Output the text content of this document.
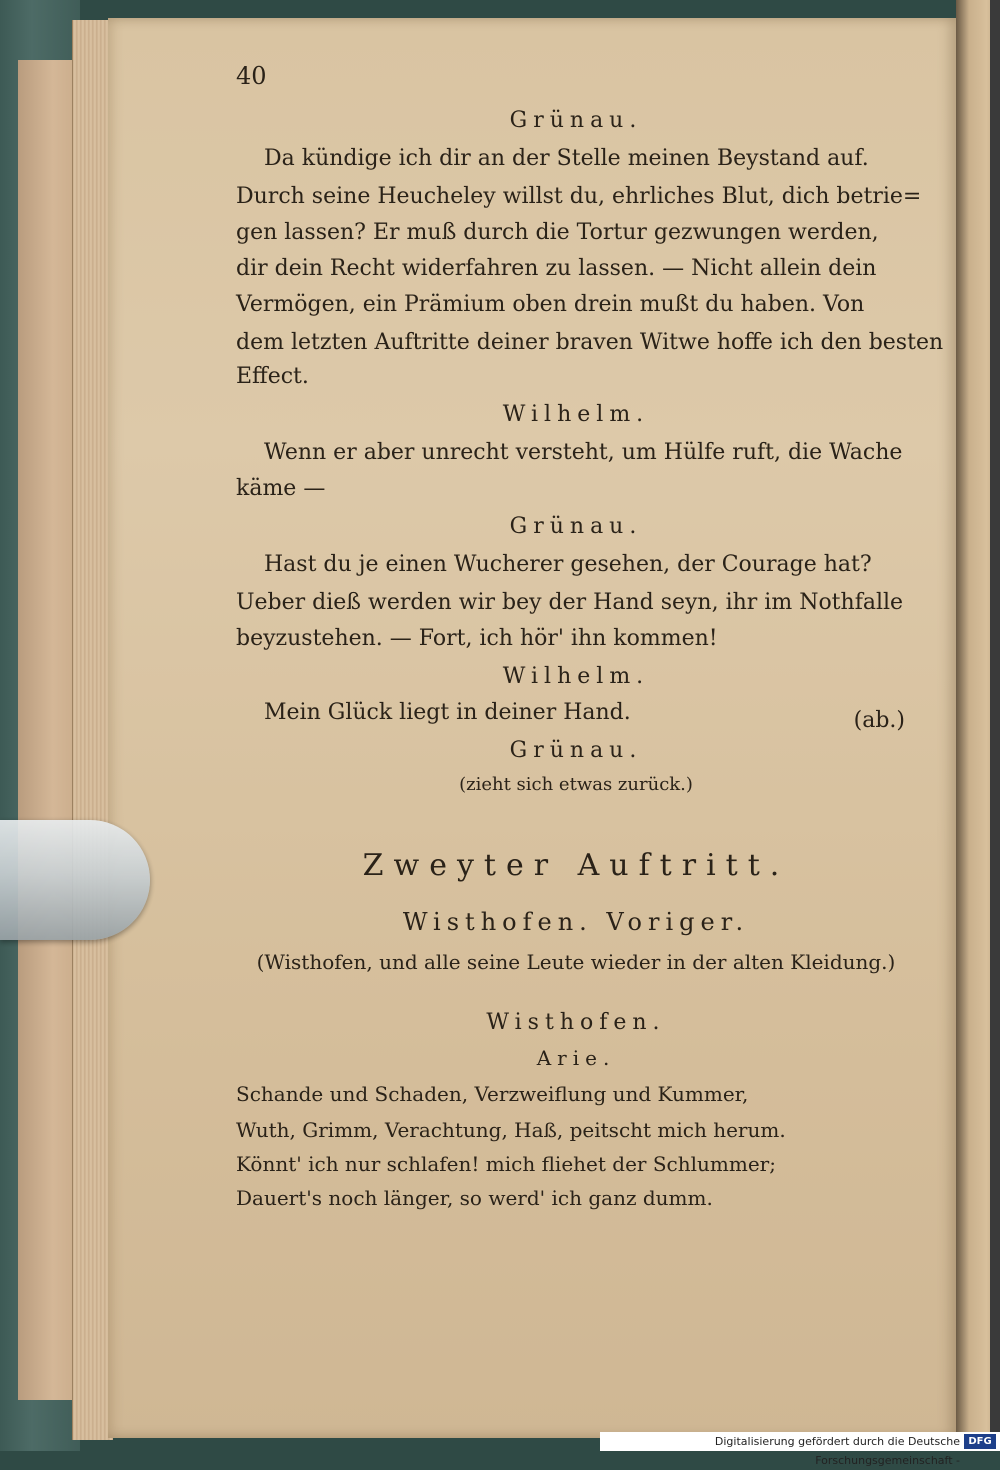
40
Grünau.
Da kündige ich dir an der Stelle meinen Beystand auf.
Durch seine Heucheley willst du, ehrliches Blut, dich betrie=
gen lassen? Er muß durch die Tortur gezwungen werden,
dir dein Recht widerfahren zu lassen. — Nicht allein dein
Vermögen, ein Prämium oben drein mußt du haben. Von
dem letzten Auftritte deiner braven Witwe hoffe ich den besten
Effect.
Wilhelm.
Wenn er aber unrecht versteht, um Hülfe ruft, die Wache
käme —
Grünau.
Hast du je einen Wucherer gesehen, der Courage hat?
Ueber dieß werden wir bey der Hand seyn, ihr im Nothfalle
beyzustehen. — Fort, ich hör' ihn kommen!
Wilhelm.
Mein Glück liegt in deiner Hand.	(ab.)
Grünau.
(zieht sich etwas zurück.)
Zweyter Auftritt.
Wisthofen. Voriger.
(Wisthofen, und alle seine Leute wieder in der alten Kleidung.)
Wisthofen.
Arie.
Schande und Schaden, Verzweiflung und Kummer,
Wuth, Grimm, Verachtung, Haß, peitscht mich herum.
Könnt' ich nur schlafen! mich fliehet der Schlummer;
Dauert's noch länger, so werd' ich ganz dumm.
Digitalisierung gefördert durch die Deutsche Forschungsgemeinschaft -
DFG
